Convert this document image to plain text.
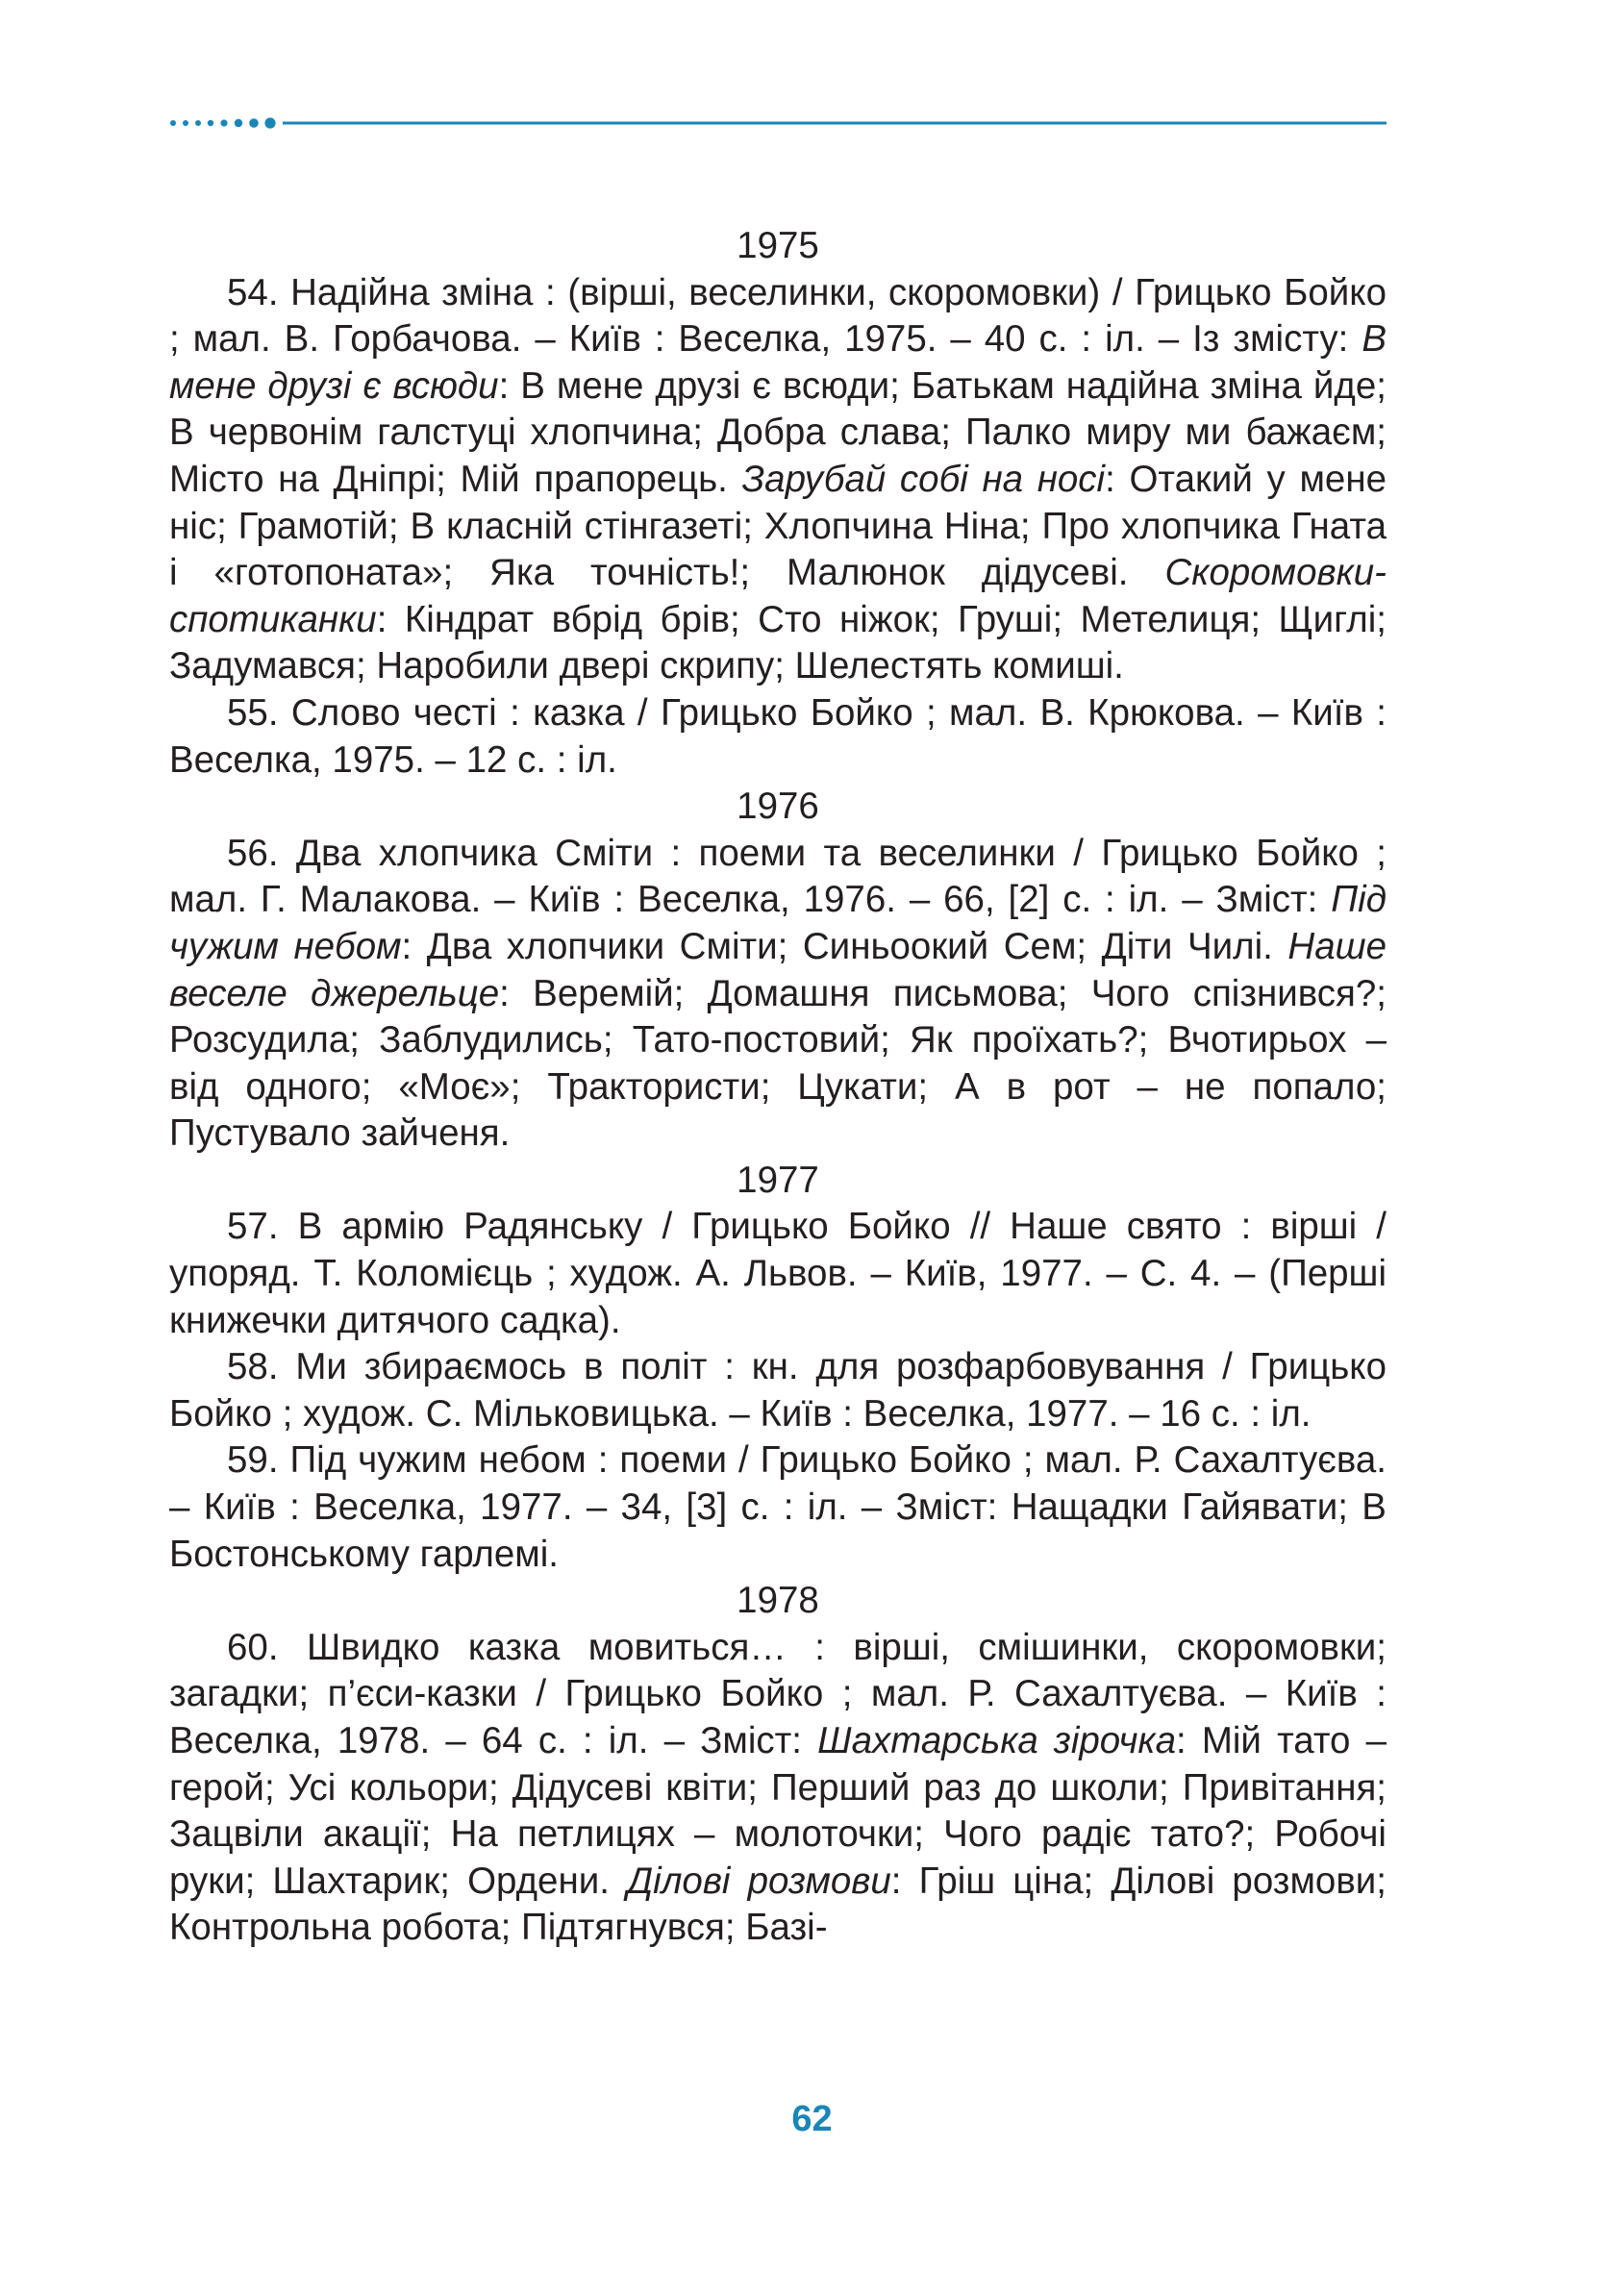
1975

54. Надійна зміна : (вірші, веселинки, скоромовки) / Грицько Бойко ; мал. В. Горбачова. – Київ : Веселка, 1975. – 40 с. : іл. – Із змісту: В мене друзі є всюди: В мене друзі є всюди; Батькам надійна зміна йде; В червонім галстуці хлопчина; Добра слава; Палко миру ми бажаєм; Місто на Дніпрі; Мій прапорець. Зарубай собі на носі: Отакий у мене ніс; Грамотій; В класній стінгазеті; Хлопчина Ніна; Про хлопчика Гната і «готопоната»; Яка точність!; Малюнок дідусеві. Скоромовки-спотиканки: Кіндрат вбрід брів; Сто ніжок; Груші; Метелиця; Щиглі; Задумався; Наробили двері скрипу; Шелестять комиші.

55. Слово честі : казка / Грицько Бойко ; мал. В. Крюкова. – Київ : Веселка, 1975. – 12 с. : іл.

1976

56. Два хлопчика Сміти : поеми та веселинки / Грицько Бойко ; мал. Г. Малакова. – Київ : Веселка, 1976. – 66, [2] с. : іл. – Зміст: Під чужим небом: Два хлопчики Сміти; Синьоокий Сем; Діти Чилі. Наше веселе джерельце: Веремій; Домашня письмова; Чого спізнився?; Розсудила; Заблудились; Тато-постовий; Як проїхать?; Вчотирьох – від одного; «Моє»; Трактористи; Цукати; А в рот – не попало; Пустувало зайченя.

1977

57. В армію Радянську / Грицько Бойко // Наше свято : вірші / упоряд. Т. Коломієць ; худож. А. Львов. – Київ, 1977. – С. 4. – (Перші книжечки дитячого садка).

58. Ми збираємось в політ : кн. для розфарбовування / Грицько Бойко ; худож. С. Мільковицька. – Київ : Веселка, 1977. – 16 с. : іл.

59. Під чужим небом : поеми / Грицько Бойко ; мал. Р. Сахалтуєва. – Київ : Веселка, 1977. – 34, [3] с. : іл. – Зміст: Нащадки Гайявати; В Бостонському гарлемі.

1978

60. Швидко казка мовиться… : вірші, смішинки, скоромовки; загадки; п’єси-казки / Грицько Бойко ; мал. Р. Сахалтуєва. – Київ : Веселка, 1978. – 64 с. : іл. – Зміст: Шахтарська зірочка: Мій тато – герой; Усі кольори; Дідусеві квіти; Перший раз до школи; Привітання; Зацвіли акації; На петлицях – молоточки; Чого радіє тато?; Робочі руки; Шахтарик; Ордени. Ділові розмови: Гріш ціна; Ділові розмови; Контрольна робота; Підтягнувся; Базі-

62
